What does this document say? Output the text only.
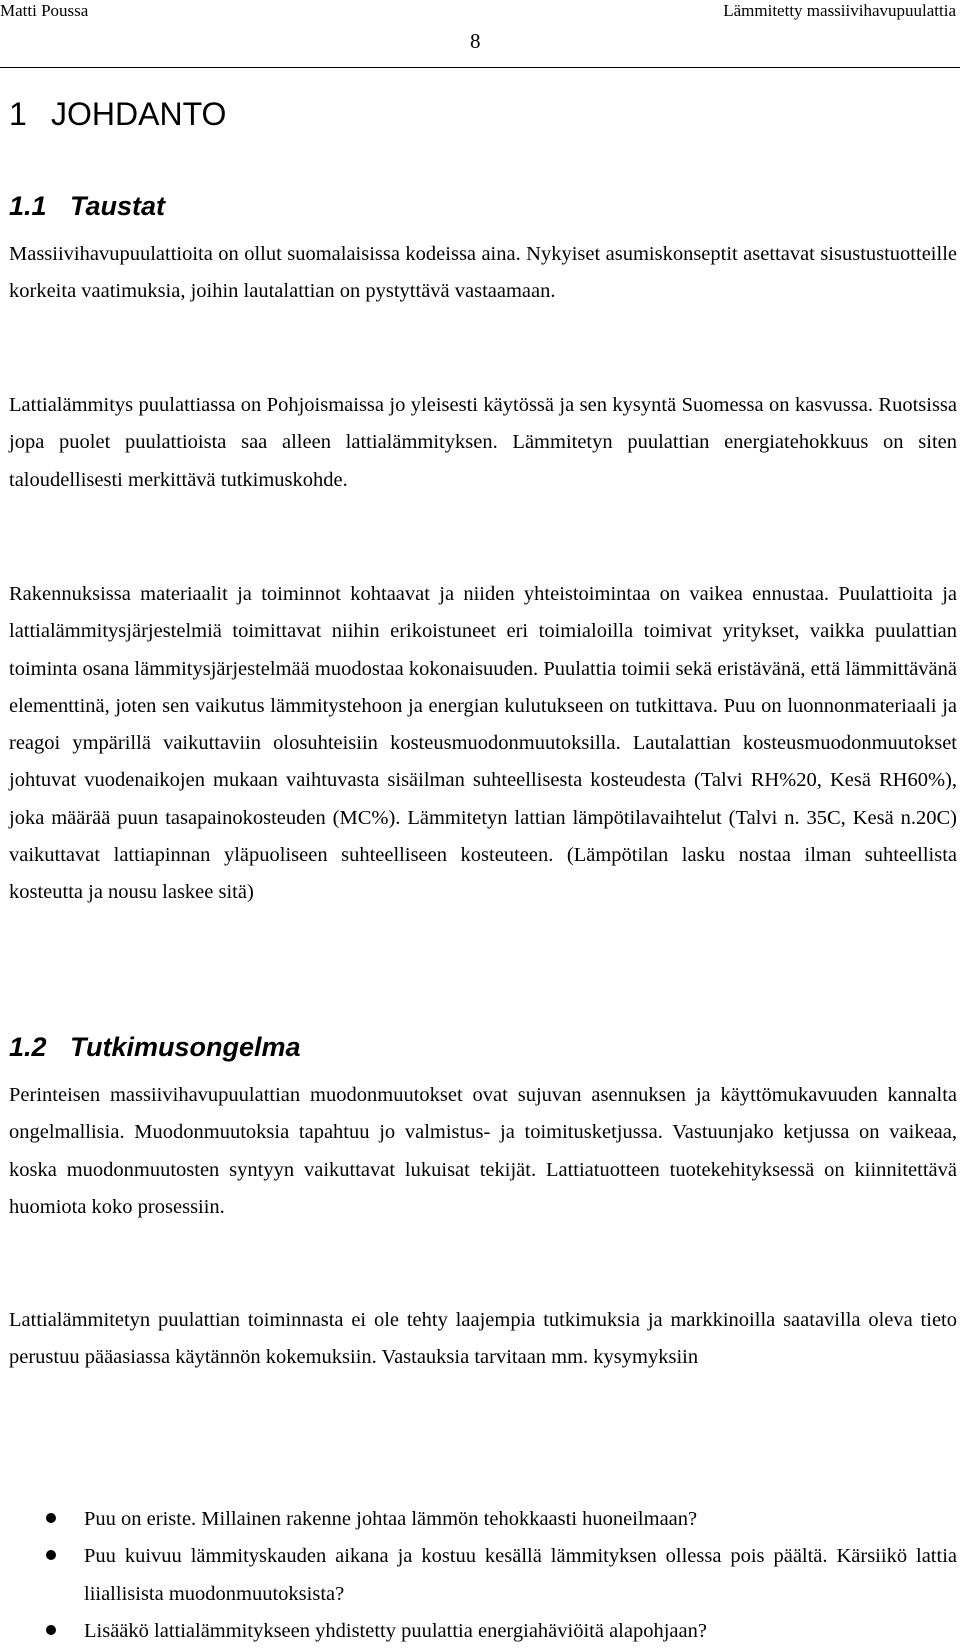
Matti Poussa	Lämmitetty massiivihavupuulattia
8
1 JOHDANTO
1.1 Taustat

Massiivihavupuulattioita on ollut suomalaisissa kodeissa aina. Nykyiset asumiskonseptit asettavat sisustustuotteille korkeita vaatimuksia, joihin lautalattian on pystyttävä vastaamaan.

Lattialämmitys puulattiassa on Pohjoismaissa jo yleisesti käytössä ja sen kysyntä Suomessa on kasvussa. Ruotsissa jopa puolet puulattioista saa alleen lattialämmityksen. Lämmitetyn puulattian energiatehokkuus on siten taloudellisesti merkittävä tutkimuskohde.

Rakennuksissa materiaalit ja toiminnot kohtaavat ja niiden yhteistoimintaa on vaikea ennustaa. Puulattioita ja lattialämmitysjärjestelmiä toimittavat niihin erikoistuneet eri toimialoilla toimivat yritykset, vaikka puulattian toiminta osana lämmitysjärjestelmää muodostaa kokonaisuuden. Puulattia toimii sekä eristävänä, että lämmittävänä elementtinä, joten sen vaikutus lämmitystehoon ja energian kulutukseen on tutkittava. Puu on luonnonmateriaali ja reagoi ympärillä vaikuttaviin olosuhteisiin kosteusmuodonmuutoksilla. Lautalattian kosteusmuodonmuutokset johtuvat vuodenaikojen mukaan vaihtuvasta sisäilman suhteellisesta kosteudesta (Talvi RH%20, Kesä RH60%), joka määrää puun tasapainokosteuden (MC%). Lämmitetyn lattian lämpötilavaihtelut (Talvi n. 35C, Kesä n.20C) vaikuttavat lattiapinnan yläpuoliseen suhteelliseen kosteuteen. (Lämpötilan lasku nostaa ilman suhteellista kosteutta ja nousu laskee sitä)

1.2 Tutkimusongelma

Perinteisen massiivihavupuulattian muodonmuutokset ovat sujuvan asennuksen ja käyttömukavuuden kannalta ongelmallisia. Muodonmuutoksia tapahtuu jo valmistus- ja toimitusketjussa. Vastuunjako ketjussa on vaikeaa, koska muodonmuutosten syntyyn vaikuttavat lukuisat tekijät. Lattiatuotteen tuotekehityksessä on kiinnitettävä huomiota koko prosessiin.

Lattialämmitetyn puulattian toiminnasta ei ole tehty laajempia tutkimuksia ja markkinoilla saatavilla oleva tieto perustuu pääasiassa käytännön kokemuksiin. Vastauksia tarvitaan mm. kysymyksiin

Puu on eriste. Millainen rakenne johtaa lämmön tehokkaasti huoneilmaan?
Puu kuivuu lämmityskauden aikana ja kostuu kesällä lämmityksen ollessa pois päältä. Kärsiikö lattia liiallisista muodonmuutoksista?
Lisääkö lattialämmitykseen yhdistetty puulattia energiahäviöitä alapohjaan?
